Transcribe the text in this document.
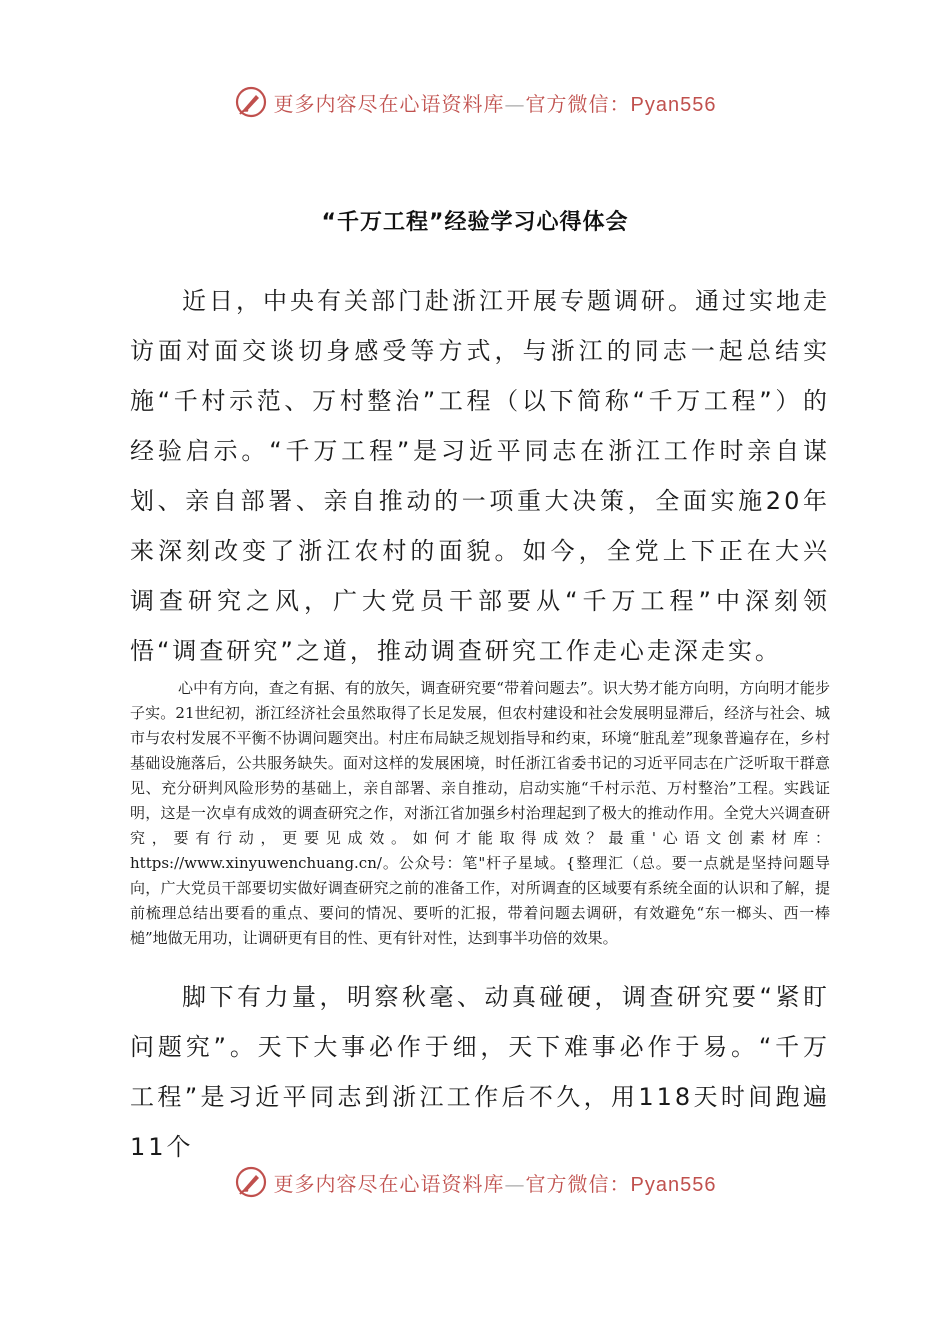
更多内容尽在心语资料库—官方微信：Pyan556
“千万工程”经验学习心得体会

近日，中央有关部门赴浙江开展专题调研。通过实地走访面对面交谈切身感受等方式，与浙江的同志一起总结实施“千村示范、万村整治”工程（以下简称“千万工程”）的经验启示。“千万工程”是习近平同志在浙江工作时亲自谋划、亲自部署、亲自推动的一项重大决策，全面实施20年来深刻改变了浙江农村的面貌。如今，全党上下正在大兴调查研究之风，广大党员干部要从“千万工程”中深刻领悟“调查研究”之道，推动调查研究工作走心走深走实。

心中有方向，查之有据、有的放矢，调查研究要“带着问题去”。识大势才能方向明，方向明才能步子实。21世纪初，浙江经济社会虽然取得了长足发展，但农村建设和社会发展明显滞后，经济与社会、城市与农村发展不平衡不协调问题突出。村庄布局缺乏规划指导和约束，环境“脏乱差”现象普遍存在，乡村基础设施落后，公共服务缺失。面对这样的发展困境，时任浙江省委书记的习近平同志在广泛听取干群意见、充分研判风险形势的基础上，亲自部署、亲自推动，启动实施“千村示范、万村整治”工程。实践证明，这是一次卓有成效的调查研究之作，对浙江省加强乡村治理起到了极大的推动作用。全党大兴调查研究，要有行动，更要见成效。如何才能取得成效？最重'心语文创素材库：https://www.xinyuwenchuang.cn/。公众号：笔"杆子星域。{整理汇（总。要一点就是坚持问题导向，广大党员干部要切实做好调查研究之前的准备工作，对所调查的区域要有系统全面的认识和了解，提前梳理总结出要看的重点、要问的情况、要听的汇报，带着问题去调研，有效避免“东一榔头、西一棒槌”地做无用功，让调研更有目的性、更有针对性，达到事半功倍的效果。

脚下有力量，明察秋毫、动真碰硬，调查研究要“紧盯问题究”。天下大事必作于细，天下难事必作于易。“千万工程”是习近平同志到浙江工作后不久，用118天时间跑遍11个

更多内容尽在心语资料库—官方微信：Pyan556
